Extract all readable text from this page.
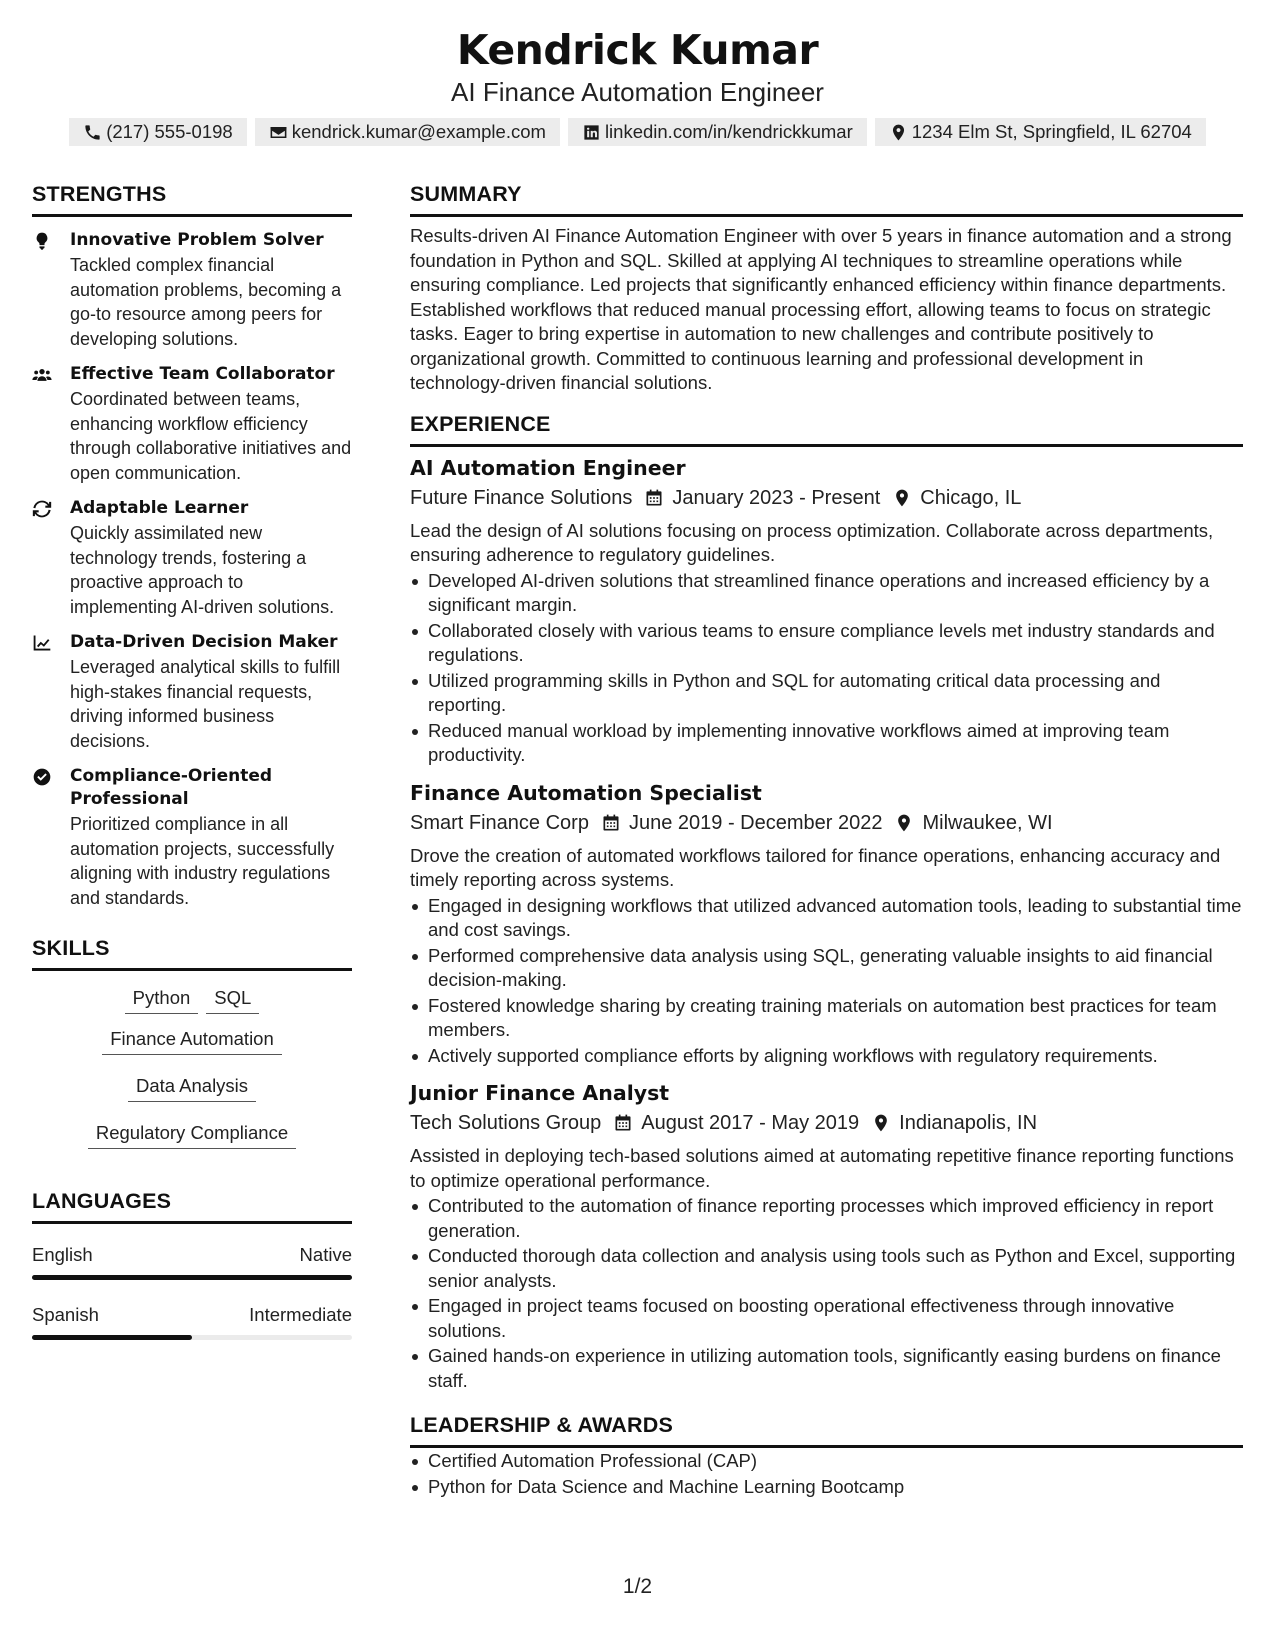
Kendrick Kumar
AI Finance Automation Engineer
(217) 555-0198	kendrick.kumar@example.com	linkedin.com/in/kendrickkumar	1234 Elm St, Springfield, IL 62704
STRENGTHS
Innovative Problem Solver
Tackled complex financial automation problems, becoming a go-to resource among peers for developing solutions.
Effective Team Collaborator
Coordinated between teams, enhancing workflow efficiency through collaborative initiatives and open communication.
Adaptable Learner
Quickly assimilated new technology trends, fostering a proactive approach to implementing AI-driven solutions.
Data-Driven Decision Maker
Leveraged analytical skills to fulfill high-stakes financial requests, driving informed business decisions.
Compliance-Oriented Professional
Prioritized compliance in all automation projects, successfully aligning with industry regulations and standards.
SKILLS
Python	SQL
Finance Automation
Data Analysis
Regulatory Compliance
LANGUAGES
English	Native
Spanish	Intermediate
SUMMARY
Results-driven AI Finance Automation Engineer with over 5 years in finance automation and a strong foundation in Python and SQL. Skilled at applying AI techniques to streamline operations while ensuring compliance. Led projects that significantly enhanced efficiency within finance departments. Established workflows that reduced manual processing effort, allowing teams to focus on strategic tasks. Eager to bring expertise in automation to new challenges and contribute positively to organizational growth. Committed to continuous learning and professional development in technology-driven financial solutions.
EXPERIENCE
AI Automation Engineer
Future Finance Solutions January 2023 - Present Chicago, IL
Lead the design of AI solutions focusing on process optimization. Collaborate across departments, ensuring adherence to regulatory guidelines.
Developed AI-driven solutions that streamlined finance operations and increased efficiency by a significant margin.
Collaborated closely with various teams to ensure compliance levels met industry standards and regulations.
Utilized programming skills in Python and SQL for automating critical data processing and reporting.
Reduced manual workload by implementing innovative workflows aimed at improving team productivity.
Finance Automation Specialist
Smart Finance Corp June 2019 - December 2022 Milwaukee, WI
Drove the creation of automated workflows tailored for finance operations, enhancing accuracy and timely reporting across systems.
Engaged in designing workflows that utilized advanced automation tools, leading to substantial time and cost savings.
Performed comprehensive data analysis using SQL, generating valuable insights to aid financial decision-making.
Fostered knowledge sharing by creating training materials on automation best practices for team members.
Actively supported compliance efforts by aligning workflows with regulatory requirements.
Junior Finance Analyst
Tech Solutions Group August 2017 - May 2019 Indianapolis, IN
Assisted in deploying tech-based solutions aimed at automating repetitive finance reporting functions to optimize operational performance.
Contributed to the automation of finance reporting processes which improved efficiency in report generation.
Conducted thorough data collection and analysis using tools such as Python and Excel, supporting senior analysts.
Engaged in project teams focused on boosting operational effectiveness through innovative solutions.
Gained hands-on experience in utilizing automation tools, significantly easing burdens on finance staff.
LEADERSHIP & AWARDS
Certified Automation Professional (CAP)
Python for Data Science and Machine Learning Bootcamp
1/2
